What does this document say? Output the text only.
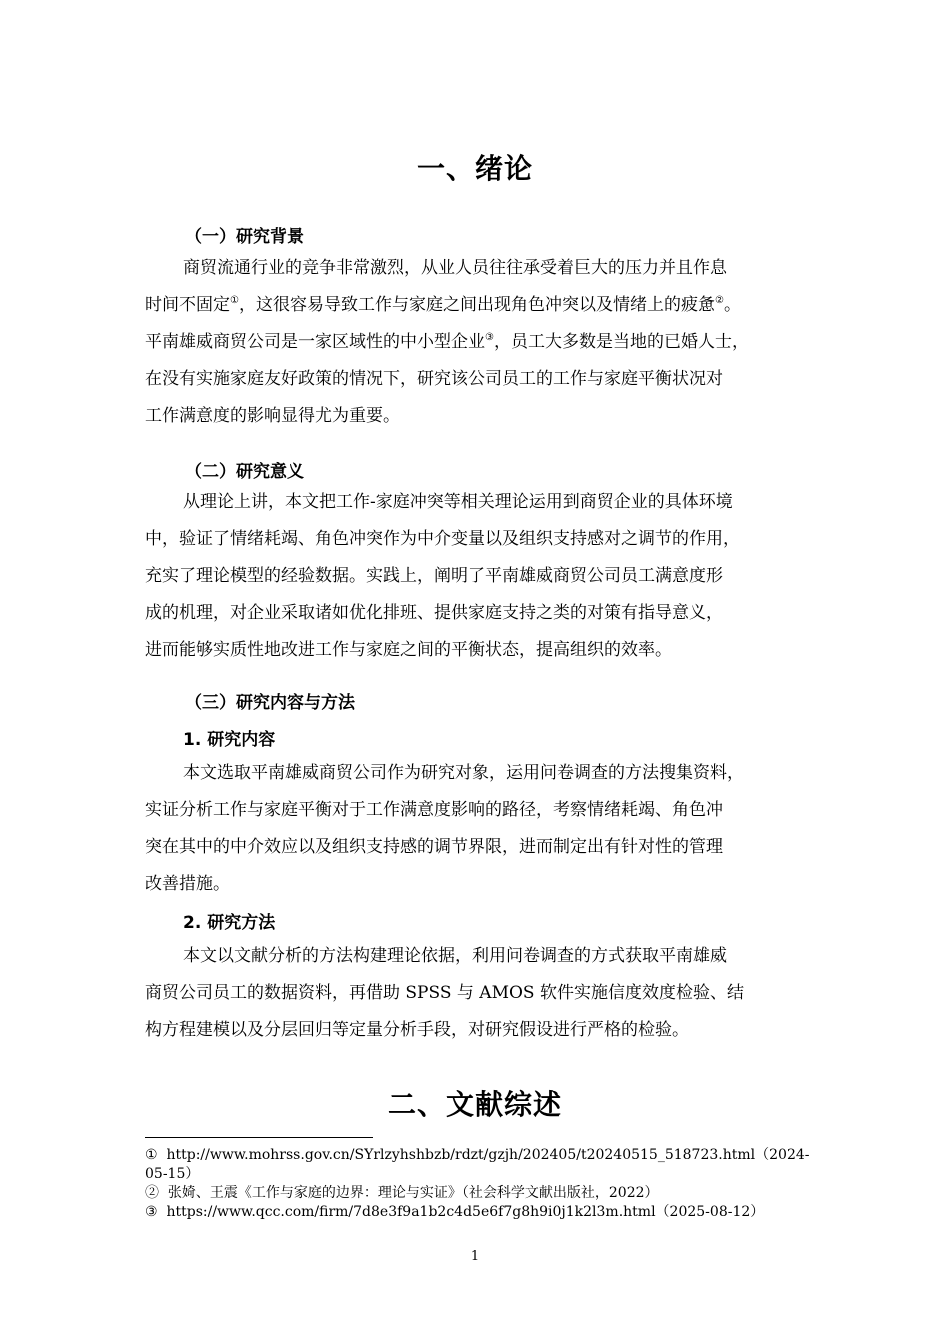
一、绪论
（一）研究背景
商贸流通行业的竞争非常激烈，从业人员往往承受着巨大的压力并且作息
时间不固定①，这很容易导致工作与家庭之间出现角色冲突以及情绪上的疲惫②。
平南雄威商贸公司是一家区域性的中小型企业③，员工大多数是当地的已婚人士，
在没有实施家庭友好政策的情况下，研究该公司员工的工作与家庭平衡状况对
工作满意度的影响显得尤为重要。
（二）研究意义
从理论上讲，本文把工作-家庭冲突等相关理论运用到商贸企业的具体环境
中，验证了情绪耗竭、角色冲突作为中介变量以及组织支持感对之调节的作用，
充实了理论模型的经验数据。实践上，阐明了平南雄威商贸公司员工满意度形
成的机理，对企业采取诸如优化排班、提供家庭支持之类的对策有指导意义，
进而能够实质性地改进工作与家庭之间的平衡状态，提高组织的效率。
（三）研究内容与方法
1. 研究内容
本文选取平南雄威商贸公司作为研究对象，运用问卷调查的方法搜集资料，
实证分析工作与家庭平衡对于工作满意度影响的路径，考察情绪耗竭、角色冲
突在其中的中介效应以及组织支持感的调节界限，进而制定出有针对性的管理
改善措施。
2. 研究方法
本文以文献分析的方法构建理论依据，利用问卷调查的方式获取平南雄威
商贸公司员工的数据资料，再借助 SPSS 与 AMOS 软件实施信度效度检验、结
构方程建模以及分层回归等定量分析手段，对研究假设进行严格的检验。
二、文献综述
① http://www.mohrss.gov.cn/SYrlzyhshbzb/rdzt/gzjh/202405/t20240515_518723.html（2024-
05-15）
② 张婍、王震《工作与家庭的边界：理论与实证》（社会科学文献出版社，2022）
③ https://www.qcc.com/firm/7d8e3f9a1b2c4d5e6f7g8h9i0j1k2l3m.html（2025-08-12）
1
